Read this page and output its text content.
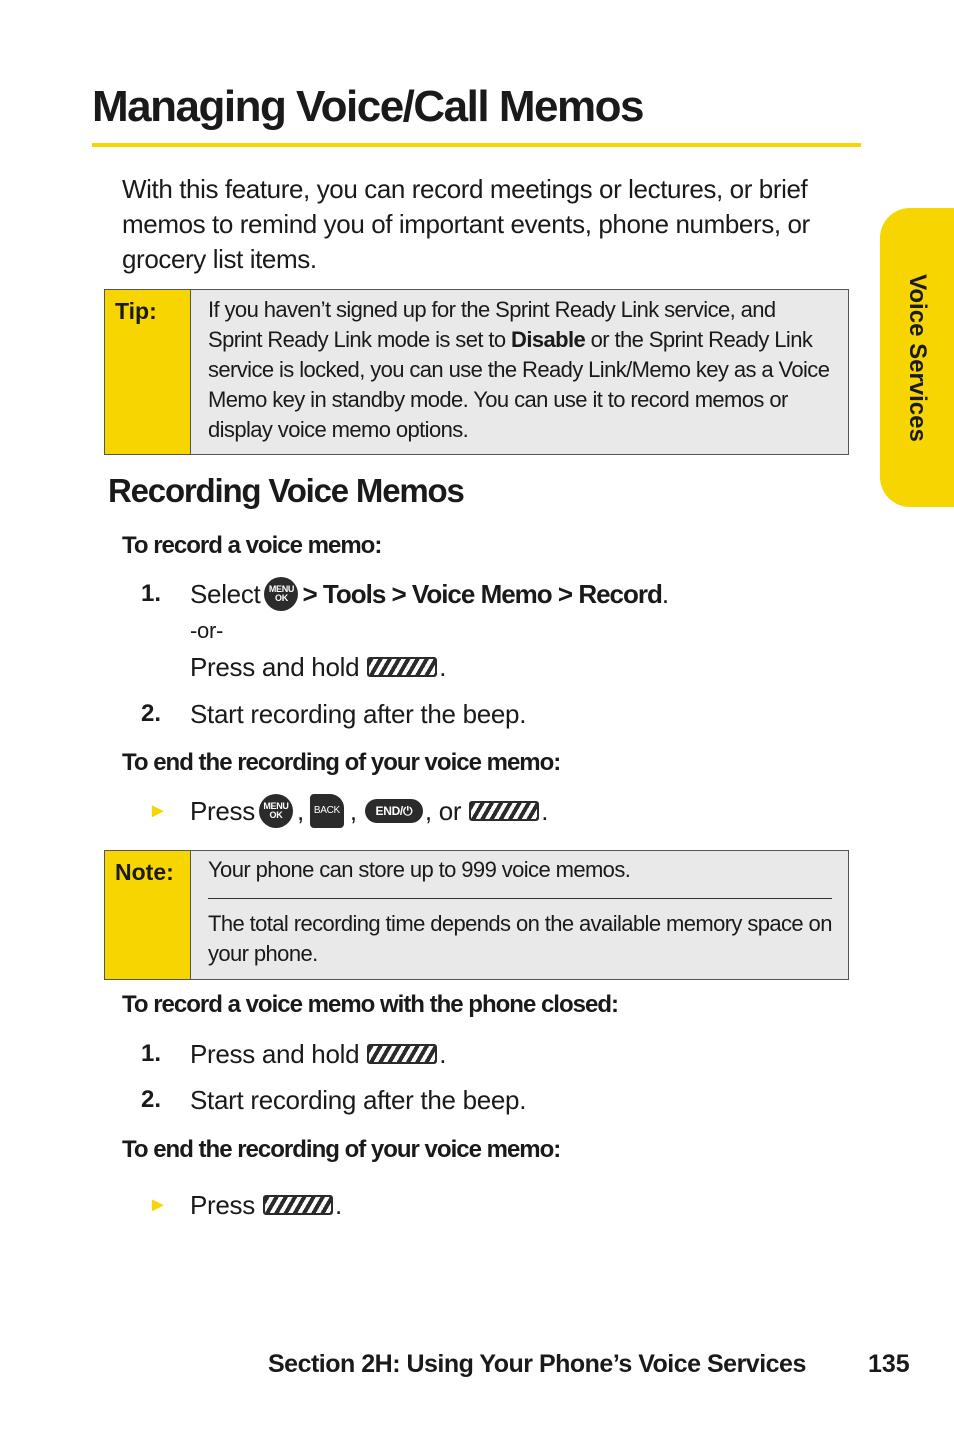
Managing Voice/Call Memos

With this feature, you can record meetings or lectures, or brief memos to remind you of important events, phone numbers, or grocery list items.

Voice Services
Tip:	If you haven’t signed up for the Sprint Ready Link service, and Sprint Ready Link mode is set to Disable or the Sprint Ready Link service is locked, you can use the Ready Link/Memo key as a Voice Memo key in standby mode. You can use it to record memos or display voice memo options.

Recording Voice Memos
To record a voice memo:
1. Select MENU
OK > Tools > Voice Memo > Record .
-or-
Press and hold	.
2. Start recording after the beep.
To end the recording of your voice memo:
► Press MENU
OK , BACK ,	END/⏻ , or	.
Note:	Your phone can store up to 999 voice memos.

The total recording time depends on the available memory space on your phone.

To record a voice memo with the phone closed:
1. Press and hold	.
2. Start recording after the beep.
To end the recording of your voice memo:
► Press	.
Section 2H: Using Your Phone’s Voice Services 135
